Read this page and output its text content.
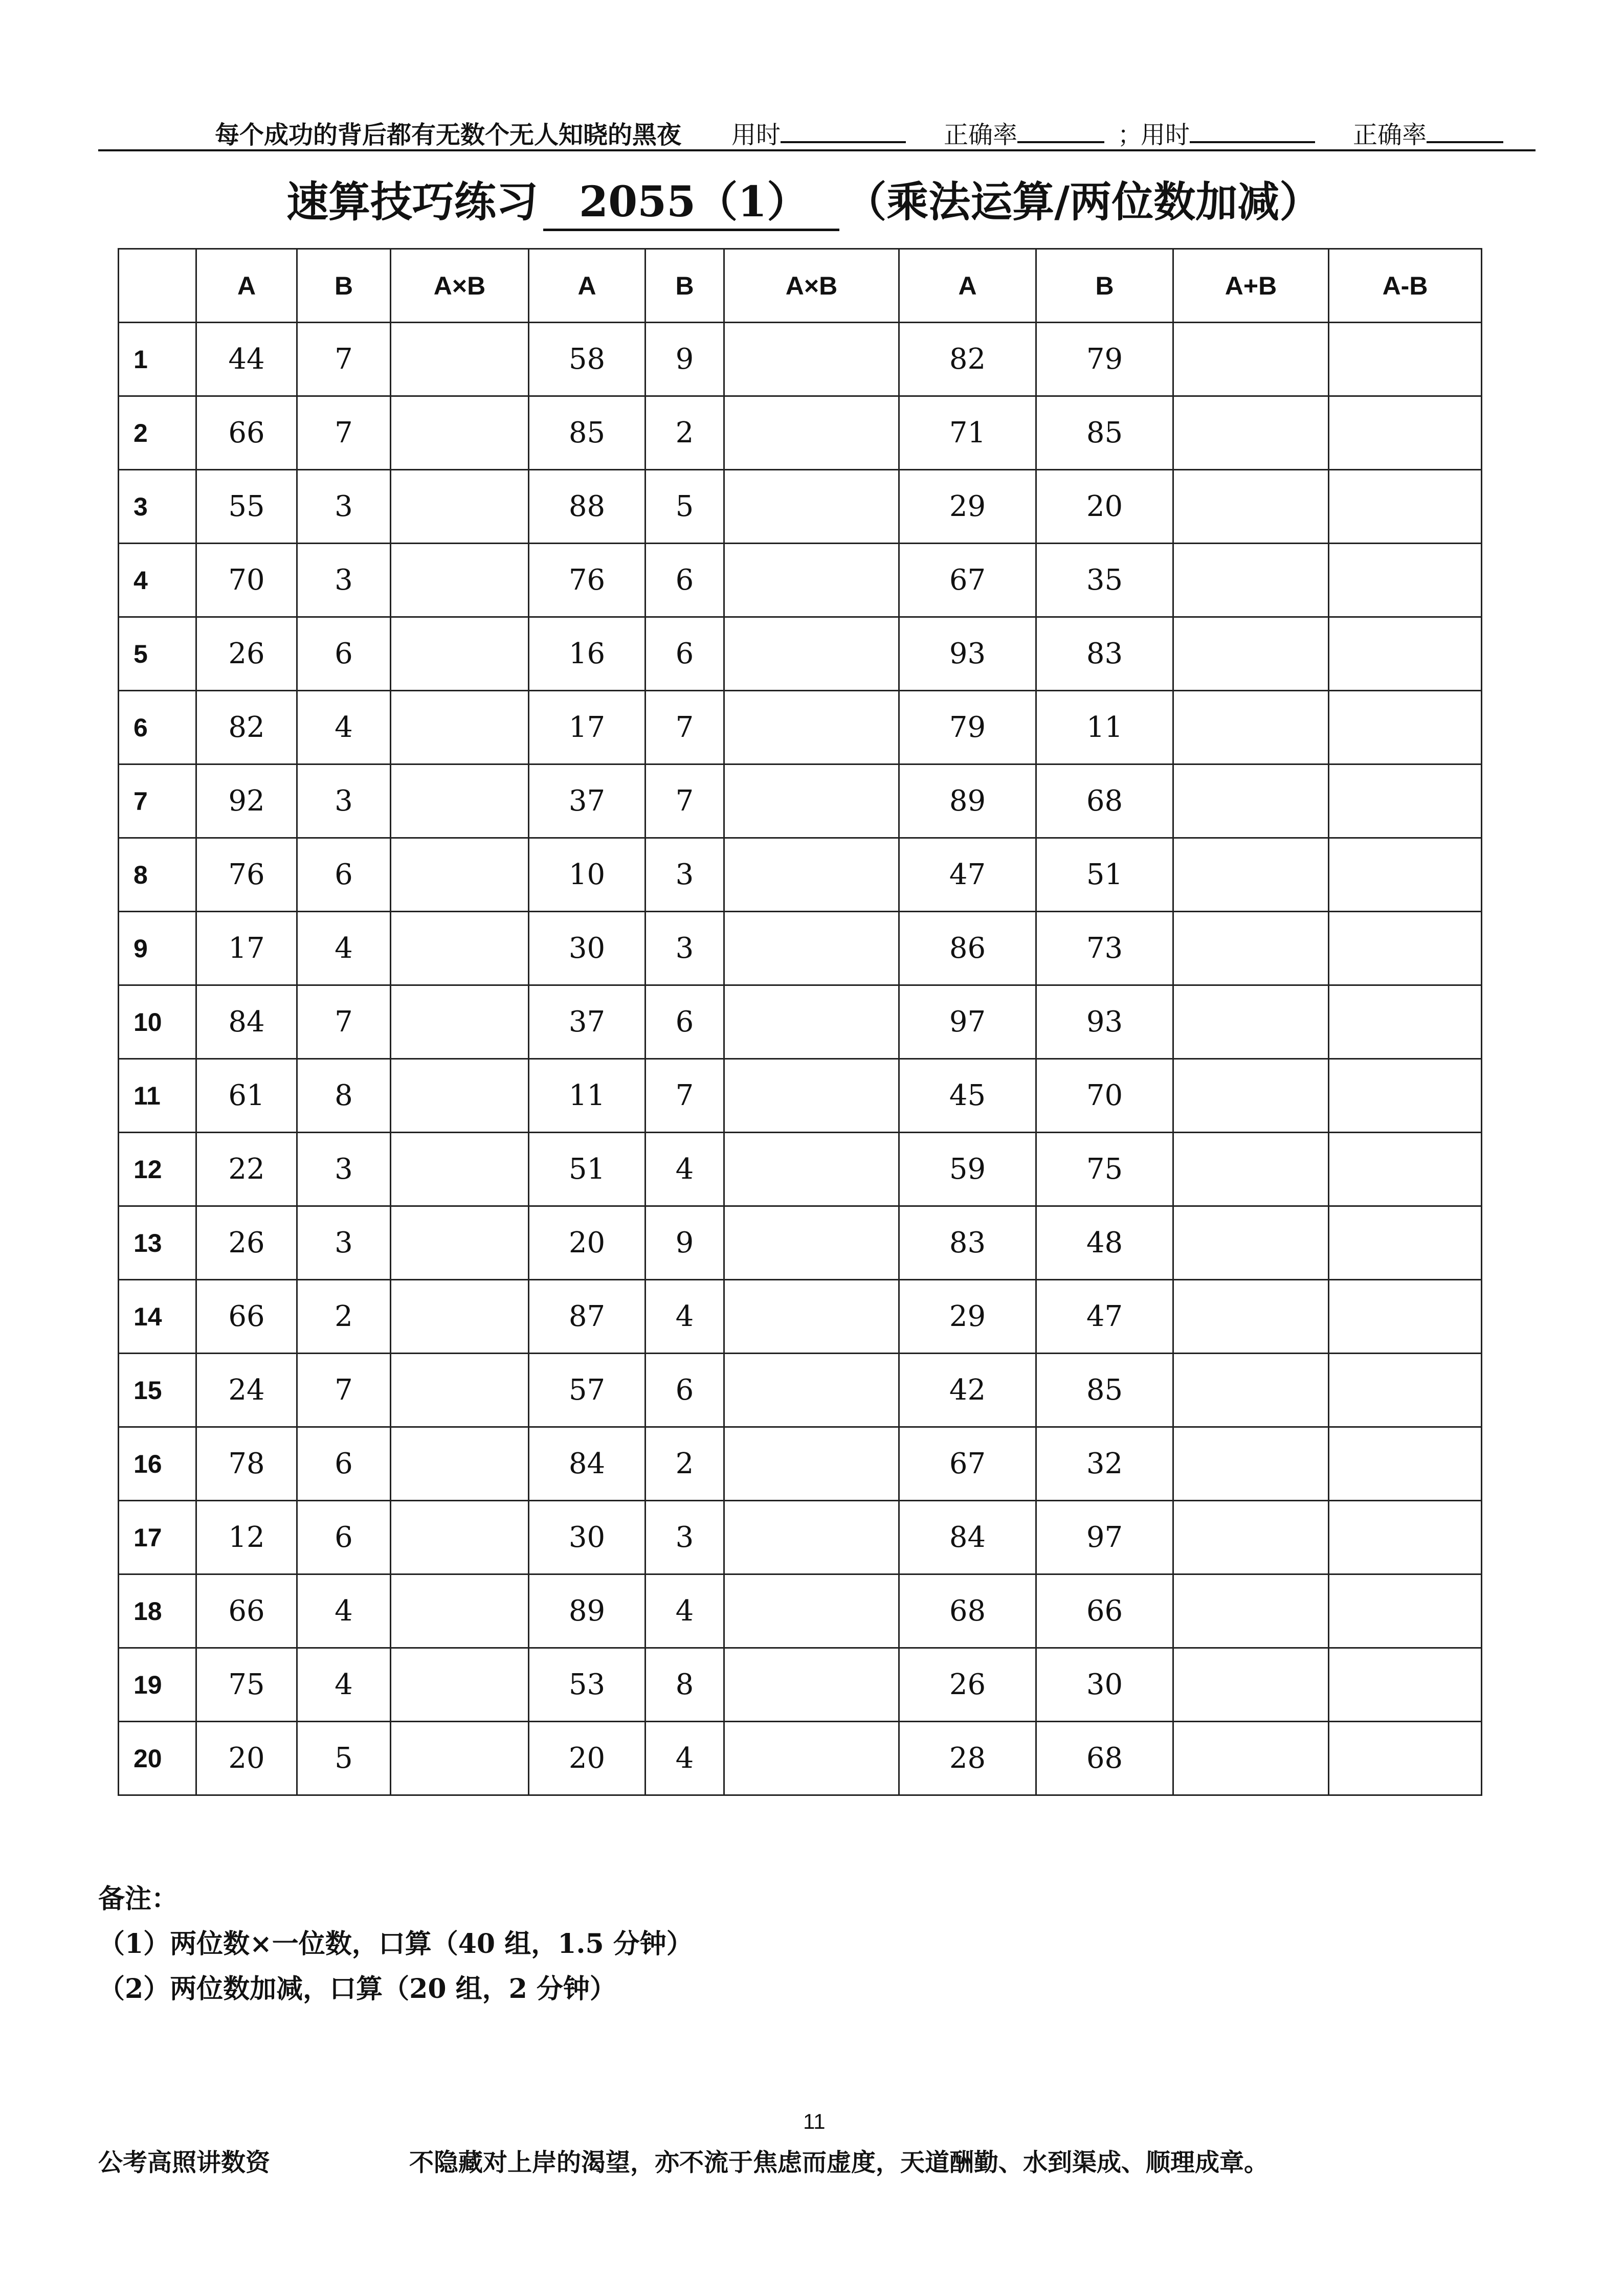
每个成功的背后都有无数个无人知晓的黑夜 用时	正确率	；
用时	正确率
速算技巧练习 2055（1） （乘法运算/两位数加减）
	A	B	A×B	A	B	A×B	A	B	A+B	A-B
1	44	7		58	9		82	79		
2	66	7		85	2		71	85		
3	55	3		88	5		29	20		
4	70	3		76	6		67	35		
5	26	6		16	6		93	83		
6	82	4		17	7		79	11		
7	92	3		37	7		89	68		
8	76	6		10	3		47	51		
9	17	4		30	3		86	73		
10	84	7		37	6		97	93		
11	61	8		11	7		45	70		
12	22	3		51	4		59	75		
13	26	3		20	9		83	48		
14	66	2		87	4		29	47		
15	24	7		57	6		42	85		
16	78	6		84	2		67	32		
17	12	6		30	3		84	97		
18	66	4		89	4		68	66		
19	75	4		53	8		26	30		
20	20	5		20	4		28	68		
备注：
（1）两位数×一位数，口算（40 组，1.5 分钟）
（2）两位数加减，口算（20 组，2 分钟）
11
公考高照讲数资	不隐藏对上岸的渴望，亦不流于焦虑而虚度，天道酬勤、水到渠成、顺理成章。
